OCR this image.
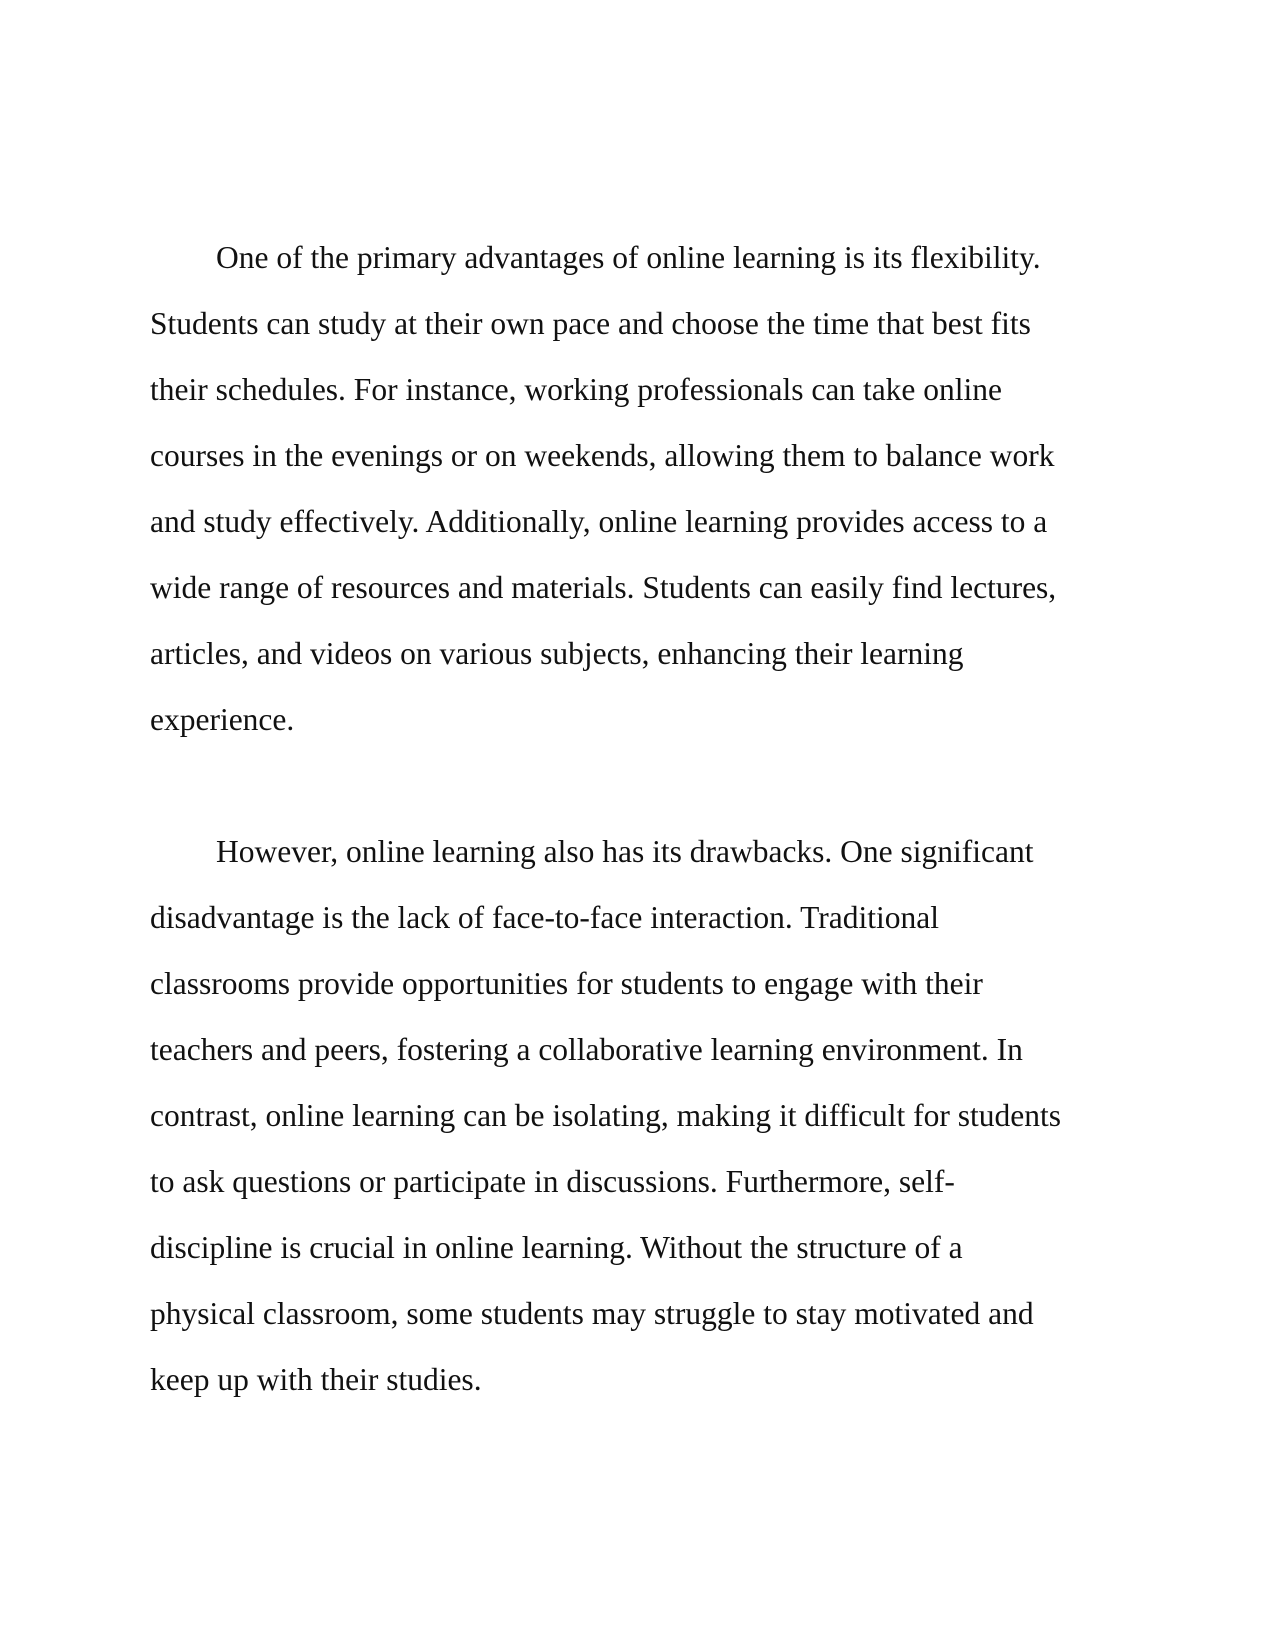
One of the primary advantages of online learning is its flexibility.

Students can study at their own pace and choose the time that best fits

their schedules. For instance, working professionals can take online

courses in the evenings or on weekends, allowing them to balance work

and study effectively. Additionally, online learning provides access to a

wide range of resources and materials. Students can easily find lectures,

articles, and videos on various subjects, enhancing their learning

experience.

However, online learning also has its drawbacks. One significant

disadvantage is the lack of face-to-face interaction. Traditional

classrooms provide opportunities for students to engage with their

teachers and peers, fostering a collaborative learning environment. In

contrast, online learning can be isolating, making it difficult for students

to ask questions or participate in discussions. Furthermore, self-

discipline is crucial in online learning. Without the structure of a

physical classroom, some students may struggle to stay motivated and

keep up with their studies.
